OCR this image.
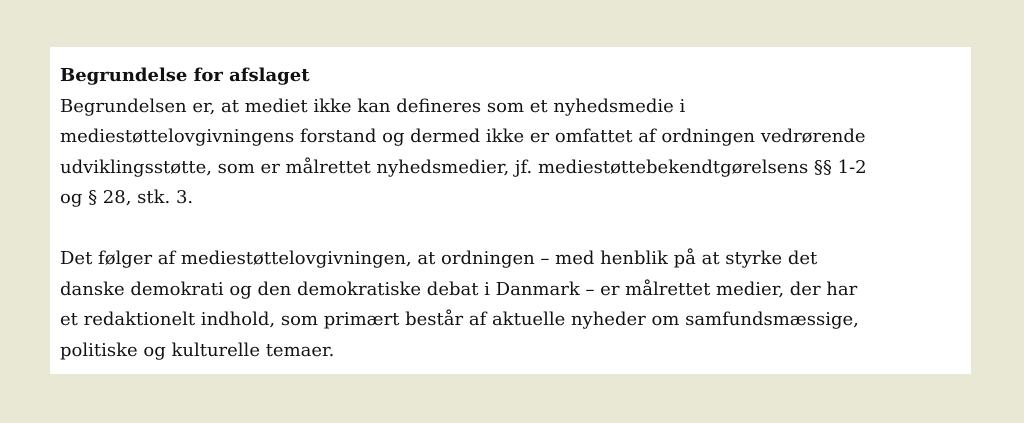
Begrundelse for afslaget
Begrundelsen er, at mediet ikke kan defineres som et nyhedsmedie i
mediestøttelovgivningens forstand og dermed ikke er omfattet af ordningen vedrørende
udviklingsstøtte, som er målrettet nyhedsmedier, jf. mediestøttebekendtgørelsens §§ 1-2
og § 28, stk. 3.
Det følger af mediestøttelovgivningen, at ordningen – med henblik på at styrke det
danske demokrati og den demokratiske debat i Danmark – er målrettet medier, der har
et redaktionelt indhold, som primært består af aktuelle nyheder om samfundsmæssige,
politiske og kulturelle temaer.
